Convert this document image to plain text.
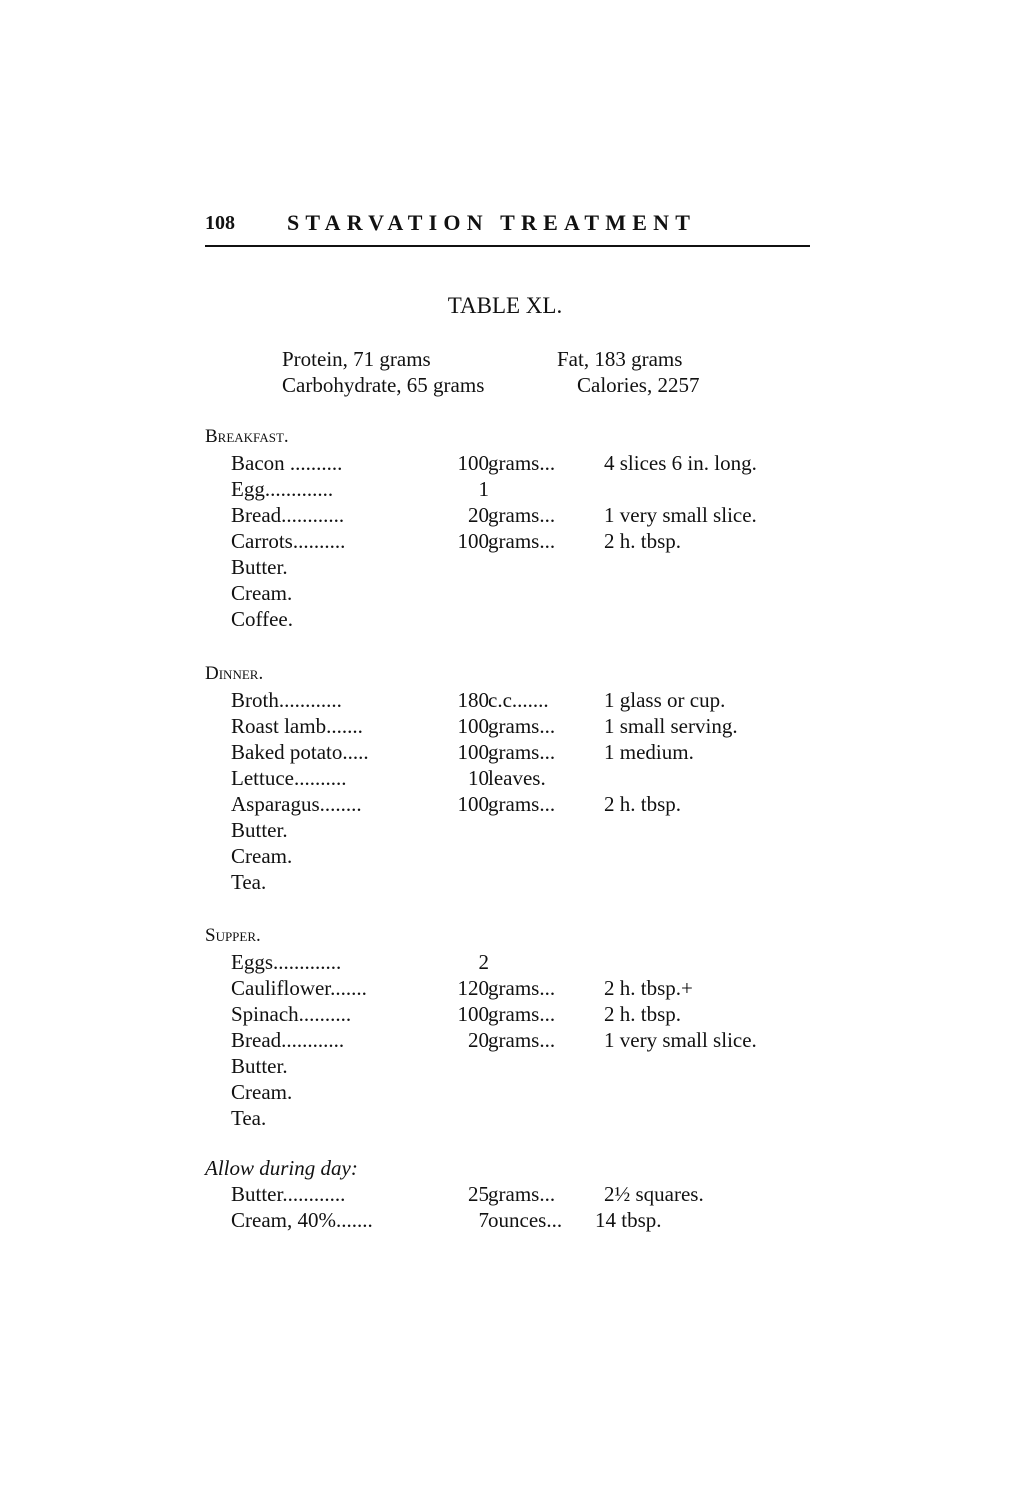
108 STARVATION TREATMENT
TABLE XL.
Protein, 71 grams	Fat, 183 grams
Carbohydrate, 65 grams	Calories, 2257
Breakfast.
Bacon ..........	100 grams... 4 slices 6 in. long.
Egg.............	1
Bread............	20 grams... 1 very small slice.
Carrots..........	100 grams... 2 h. tbsp.
Butter.
Cream.
Coffee.
Dinner.
Broth............	180 c.c.......	1 glass or cup.
Roast lamb.......	100 grams... 1 small serving.
Baked potato.....	100 grams... 1 medium.
Lettuce..........	10 leaves.
Asparagus........	100 grams... 2 h. tbsp.
Butter.
Cream.
Tea.
Supper.
Eggs.............	2
Cauliflower.......	120 grams... 2 h. tbsp.+
Spinach..........	100 grams... 2 h. tbsp.
Bread............	20 grams... 1 very small slice.
Butter.
Cream.
Tea.
Allow during day:
Butter............	25 grams... 2½ squares.
Cream, 40%.......	7 ounces... 14 tbsp.
